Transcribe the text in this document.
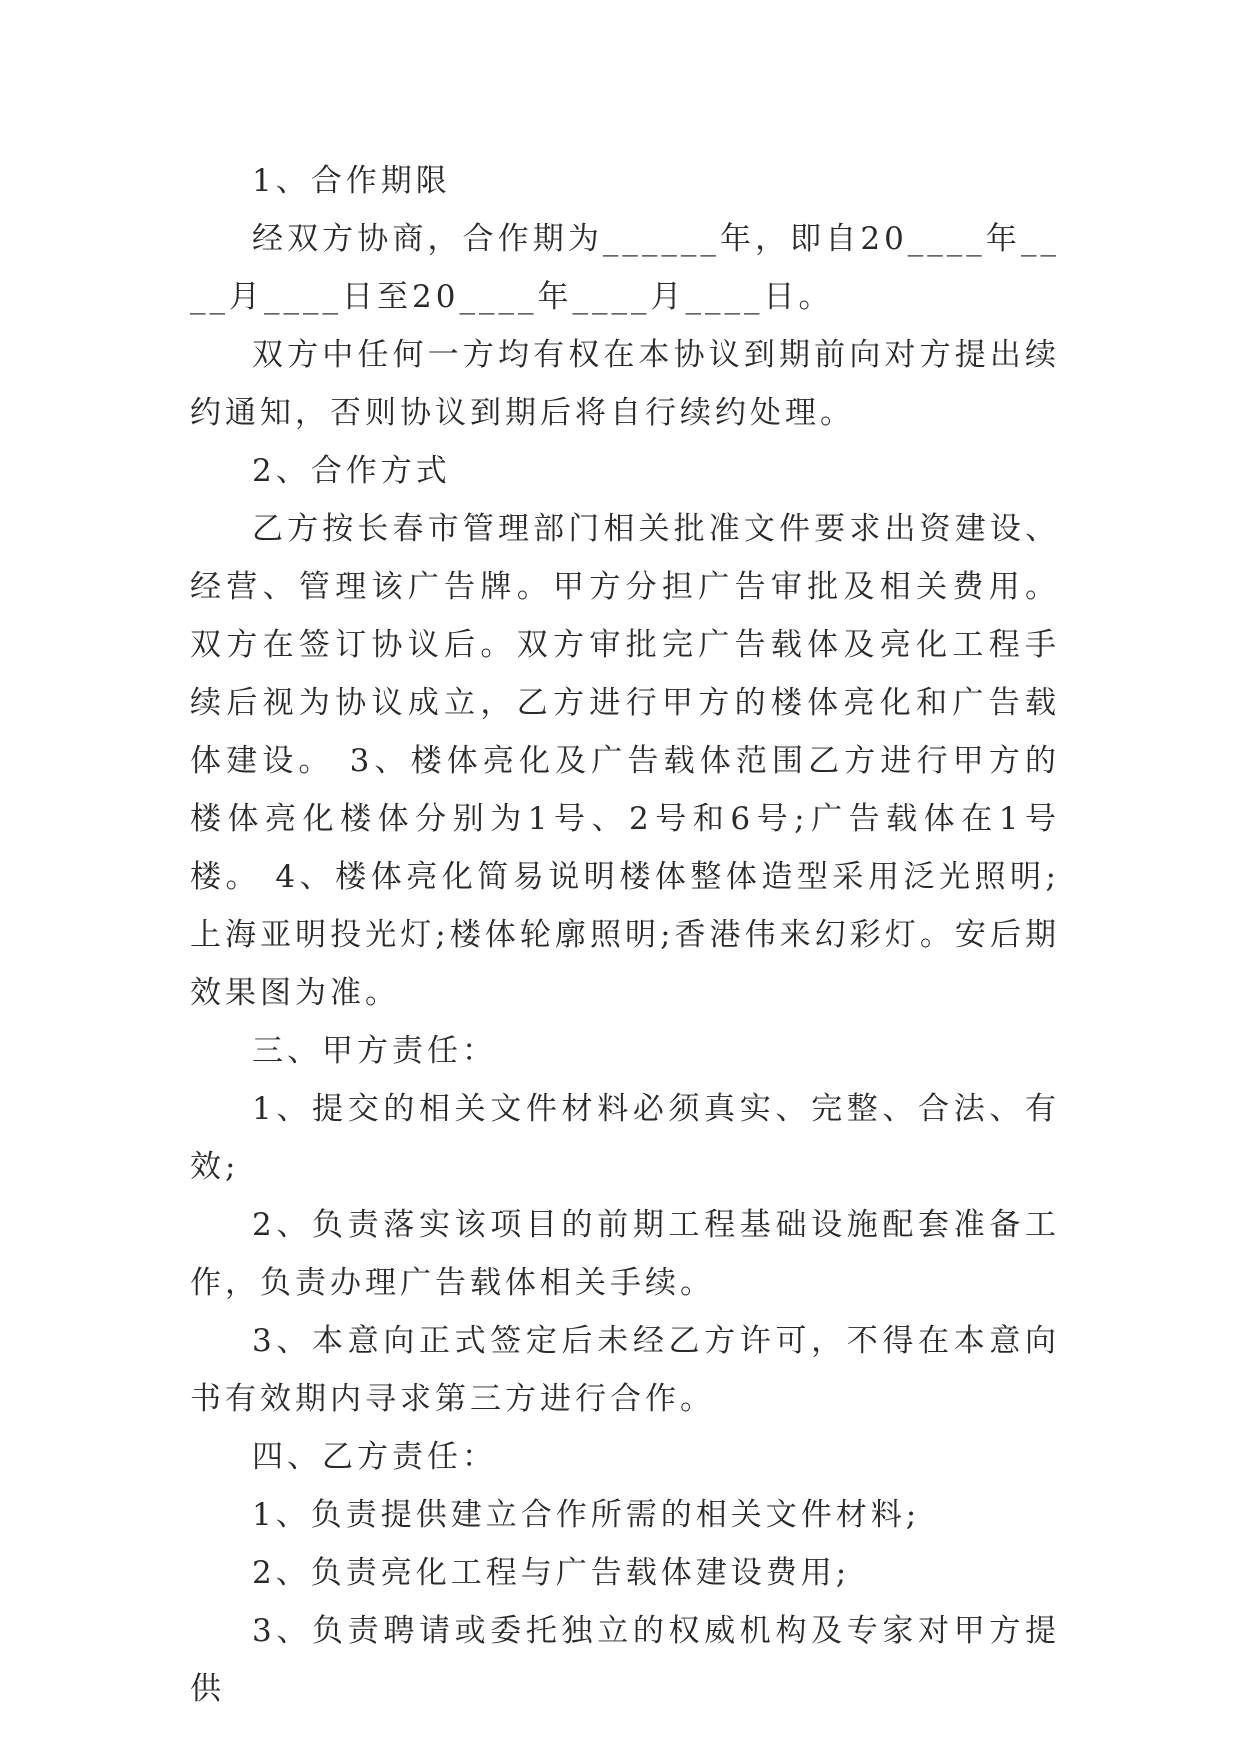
1、合作期限

经双方协商，合作期为______年，即自20____年____月____日至20____年____月____日。

双方中任何一方均有权在本协议到期前向对方提出续约通知，否则协议到期后将自行续约处理。

2、合作方式

乙方按长春市管理部门相关批准文件要求出资建设、经营、管理该广告牌。甲方分担广告审批及相关费用。双方在签订协议后。双方审批完广告载体及亮化工程手续后视为协议成立，乙方进行甲方的楼体亮化和广告载体建设。 3、楼体亮化及广告载体范围乙方进行甲方的楼体亮化楼体分别为1号、2号和6号;广告载体在1号楼。 4、楼体亮化简易说明楼体整体造型采用泛光照明;上海亚明投光灯;楼体轮廓照明;香港伟来幻彩灯。安后期效果图为准。

三、甲方责任：

1、提交的相关文件材料必须真实、完整、合法、有效;

2、负责落实该项目的前期工程基础设施配套准备工作，负责办理广告载体相关手续。

3、本意向正式签定后未经乙方许可，不得在本意向书有效期内寻求第三方进行合作。

四、乙方责任：

1、负责提供建立合作所需的相关文件材料;

2、负责亮化工程与广告载体建设费用;

3、负责聘请或委托独立的权威机构及专家对甲方提供
